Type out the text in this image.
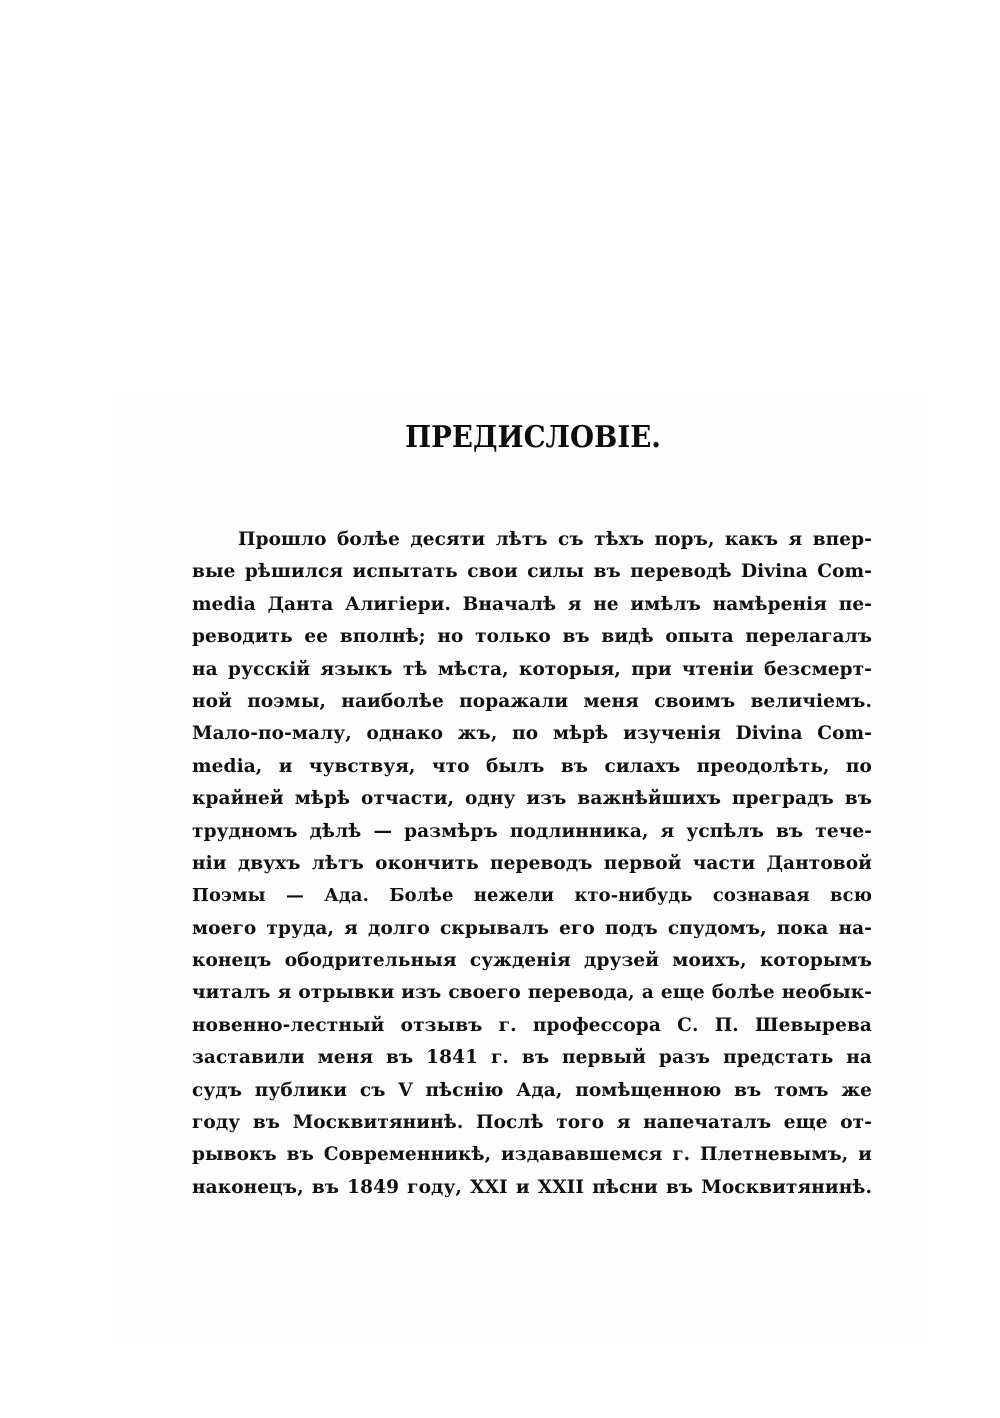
ПРЕДИСЛОВIЕ.
Прошло болѣе десяти лѣтъ съ тѣхъ поръ, какъ я впер-
вые рѣшился испытать свои силы въ переводѣ Divina Com-
media Данта Алигiери. Вначалѣ я не имѣлъ намѣренiя пе-
реводить ее вполнѣ; но только въ видѣ опыта перелагалъ
на русскiй языкъ тѣ мѣста, которыя, при чтенiи безсмерт-
ной поэмы, наиболѣе поражали меня своимъ величiемъ.
Мало-по-малу, однако жъ, по мѣрѣ изученiя Divina Com-
media, и чувствуя, что былъ въ силахъ преодолѣть, по
крайней мѣрѣ отчасти, одну изъ важнѣйшихъ преградъ въ
трудномъ дѣлѣ — размѣръ подлинника, я успѣлъ въ тече-
нiи двухъ лѣтъ окончить переводъ первой части Дантовой
Поэмы — Ада. Болѣе нежели кто-нибудь сознавая всю
моего труда, я долго скрывалъ его подъ спудомъ, пока на-
конецъ ободрительныя сужденiя друзей моихъ, которымъ
читалъ я отрывки изъ своего перевода, а еще болѣе необык-
новенно-лестный отзывъ г. профессора С. П. Шевырева
заставили меня въ 1841 г. въ первый разъ предстать на
судъ публики съ V пѣснiю Ада, помѣщенною въ томъ же
году въ Москвитянинѣ. Послѣ того я напечаталъ еще от-
рывокъ въ Современникѣ, издававшемся г. Плетневымъ, и
наконецъ, въ 1849 году, XXI и XXII пѣсни въ Москвитянинѣ.
